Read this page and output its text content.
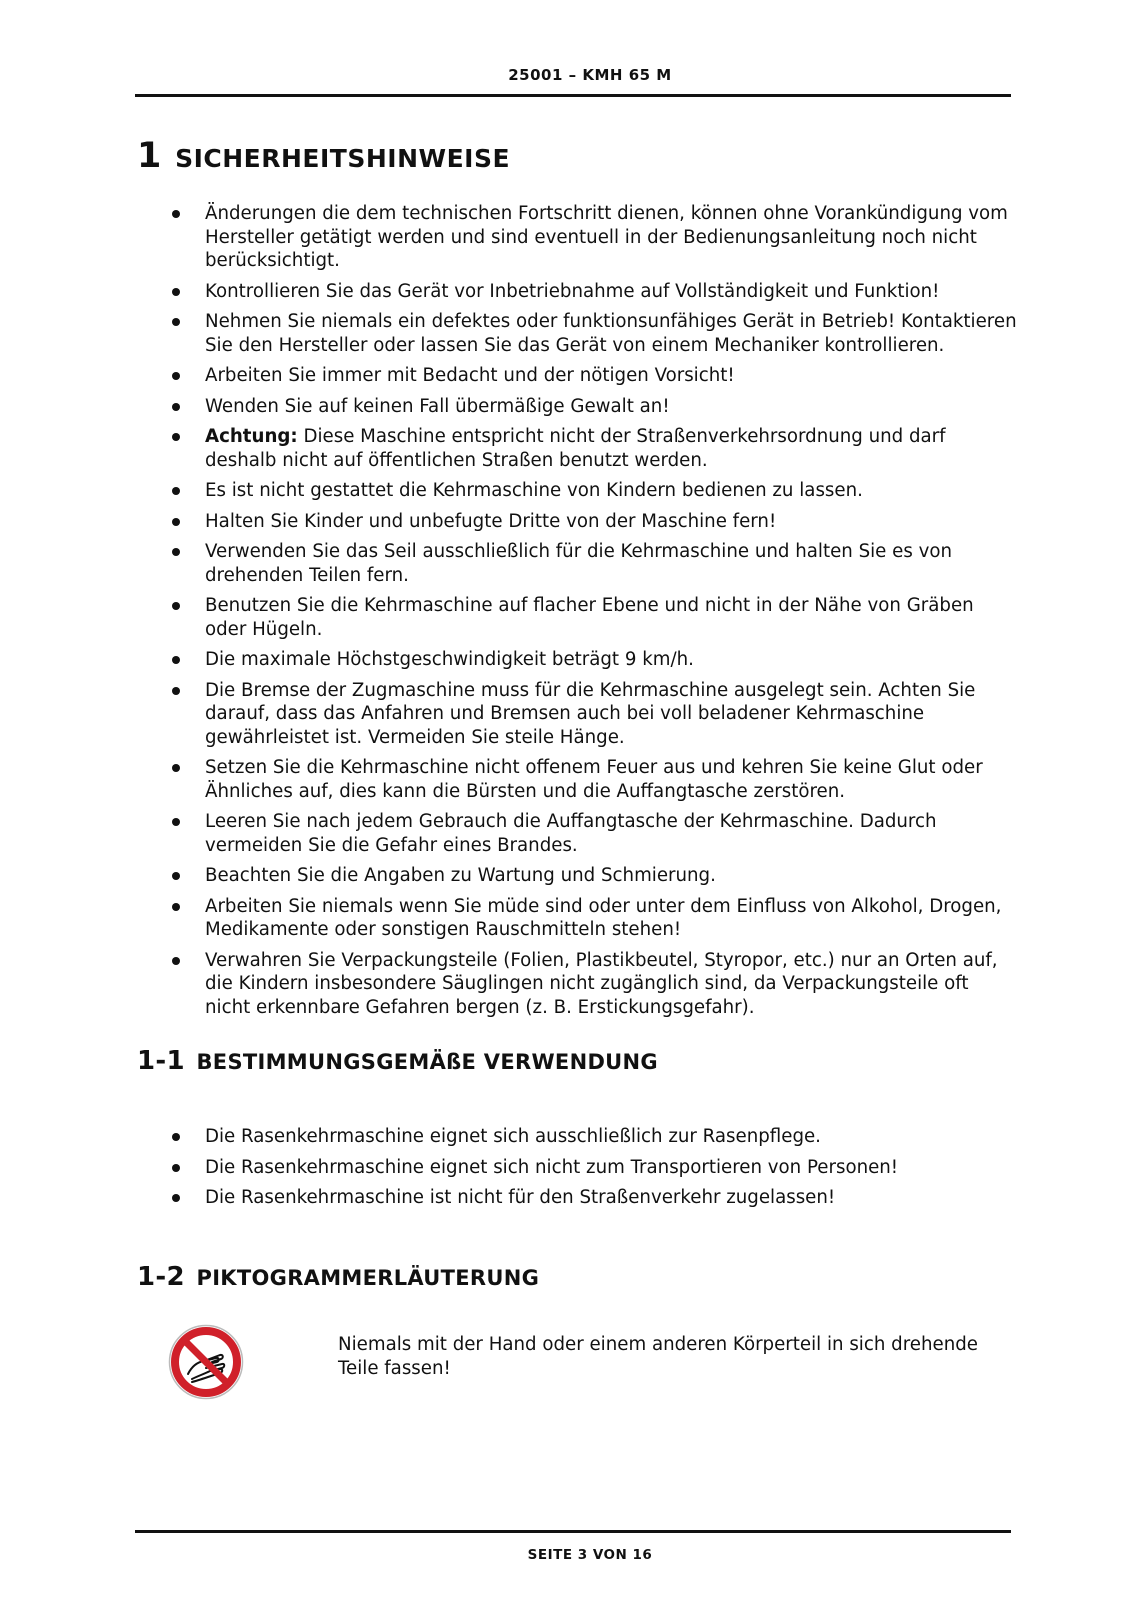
25001 – KMH 65 M
1 SICHERHEITSHINWEISE
Änderungen die dem technischen Fortschritt dienen, können ohne Vorankündigung vom Hersteller getätigt werden und sind eventuell in der Bedienungsanleitung noch nicht berücksichtigt.
Kontrollieren Sie das Gerät vor Inbetriebnahme auf Vollständigkeit und Funktion!
Nehmen Sie niemals ein defektes oder funktionsunfähiges Gerät in Betrieb! Kontaktieren Sie den Hersteller oder lassen Sie das Gerät von einem Mechaniker kontrollieren.
Arbeiten Sie immer mit Bedacht und der nötigen Vorsicht!
Wenden Sie auf keinen Fall übermäßige Gewalt an!
Achtung: Diese Maschine entspricht nicht der Straßenverkehrsordnung und darf deshalb nicht auf öffentlichen Straßen benutzt werden.
Es ist nicht gestattet die Kehrmaschine von Kindern bedienen zu lassen.
Halten Sie Kinder und unbefugte Dritte von der Maschine fern!
Verwenden Sie das Seil ausschließlich für die Kehrmaschine und halten Sie es von drehenden Teilen fern.
Benutzen Sie die Kehrmaschine auf flacher Ebene und nicht in der Nähe von Gräben oder Hügeln.
Die maximale Höchstgeschwindigkeit beträgt 9 km/h.
Die Bremse der Zugmaschine muss für die Kehrmaschine ausgelegt sein. Achten Sie darauf, dass das Anfahren und Bremsen auch bei voll beladener Kehrmaschine gewährleistet ist. Vermeiden Sie steile Hänge.
Setzen Sie die Kehrmaschine nicht offenem Feuer aus und kehren Sie keine Glut oder Ähnliches auf, dies kann die Bürsten und die Auffangtasche zerstören.
Leeren Sie nach jedem Gebrauch die Auffangtasche der Kehrmaschine. Dadurch vermeiden Sie die Gefahr eines Brandes.
Beachten Sie die Angaben zu Wartung und Schmierung.
Arbeiten Sie niemals wenn Sie müde sind oder unter dem Einfluss von Alkohol, Drogen, Medikamente oder sonstigen Rauschmitteln stehen!
Verwahren Sie Verpackungsteile (Folien, Plastikbeutel, Styropor, etc.) nur an Orten auf, die Kindern insbesondere Säuglingen nicht zugänglich sind, da Verpackungsteile oft nicht erkennbare Gefahren bergen (z. B. Erstickungsgefahr).
1-1 BESTIMMUNGSGEMÄßE VERWENDUNG
Die Rasenkehrmaschine eignet sich ausschließlich zur Rasenpflege.
Die Rasenkehrmaschine eignet sich nicht zum Transportieren von Personen!
Die Rasenkehrmaschine ist nicht für den Straßenverkehr zugelassen!
1-2 PIKTOGRAMMERLÄUTERUNG

Niemals mit der Hand oder einem anderen Körperteil in sich drehende Teile fassen!

SEITE 3 VON 16
